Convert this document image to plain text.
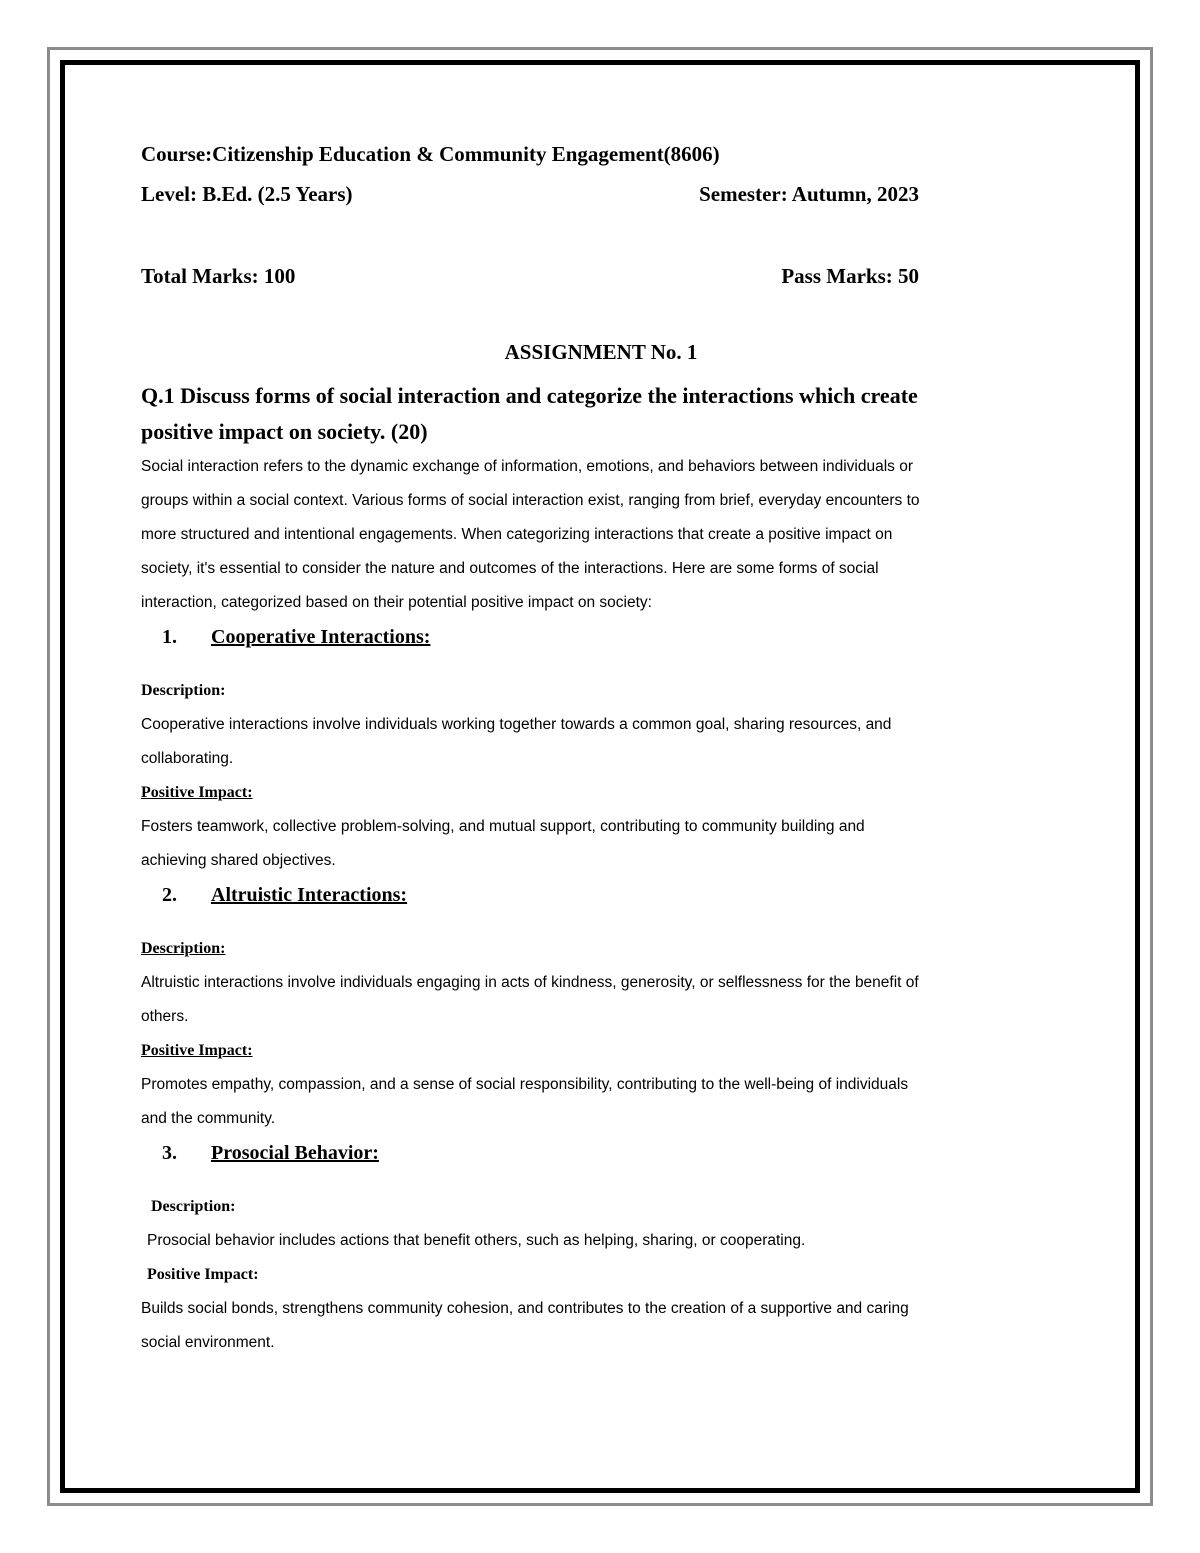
Course:Citizenship Education & Community Engagement(8606)
Level: B.Ed. (2.5 Years)	Semester: Autumn, 2023
Total Marks: 100	Pass Marks: 50
ASSIGNMENT No. 1
Q.1 Discuss forms of social interaction and categorize the interactions which create
positive impact on society. (20)

Social interaction refers to the dynamic exchange of information, emotions, and behaviors between individuals or

groups within a social context. Various forms of social interaction exist, ranging from brief, everyday encounters to

more structured and intentional engagements. When categorizing interactions that create a positive impact on

society, it's essential to consider the nature and outcomes of the interactions. Here are some forms of social

interaction, categorized based on their potential positive impact on society:

1. Cooperative Interactions:
Description:

Cooperative interactions involve individuals working together towards a common goal, sharing resources, and

collaborating.

Positive Impact:

Fosters teamwork, collective problem-solving, and mutual support, contributing to community building and

achieving shared objectives.

2. Altruistic Interactions:
Description:

Altruistic interactions involve individuals engaging in acts of kindness, generosity, or selflessness for the benefit of

others.

Positive Impact:

Promotes empathy, compassion, and a sense of social responsibility, contributing to the well-being of individuals

and the community.

3. Prosocial Behavior:
Description:

Prosocial behavior includes actions that benefit others, such as helping, sharing, or cooperating.

Positive Impact:

Builds social bonds, strengthens community cohesion, and contributes to the creation of a supportive and caring

social environment.
